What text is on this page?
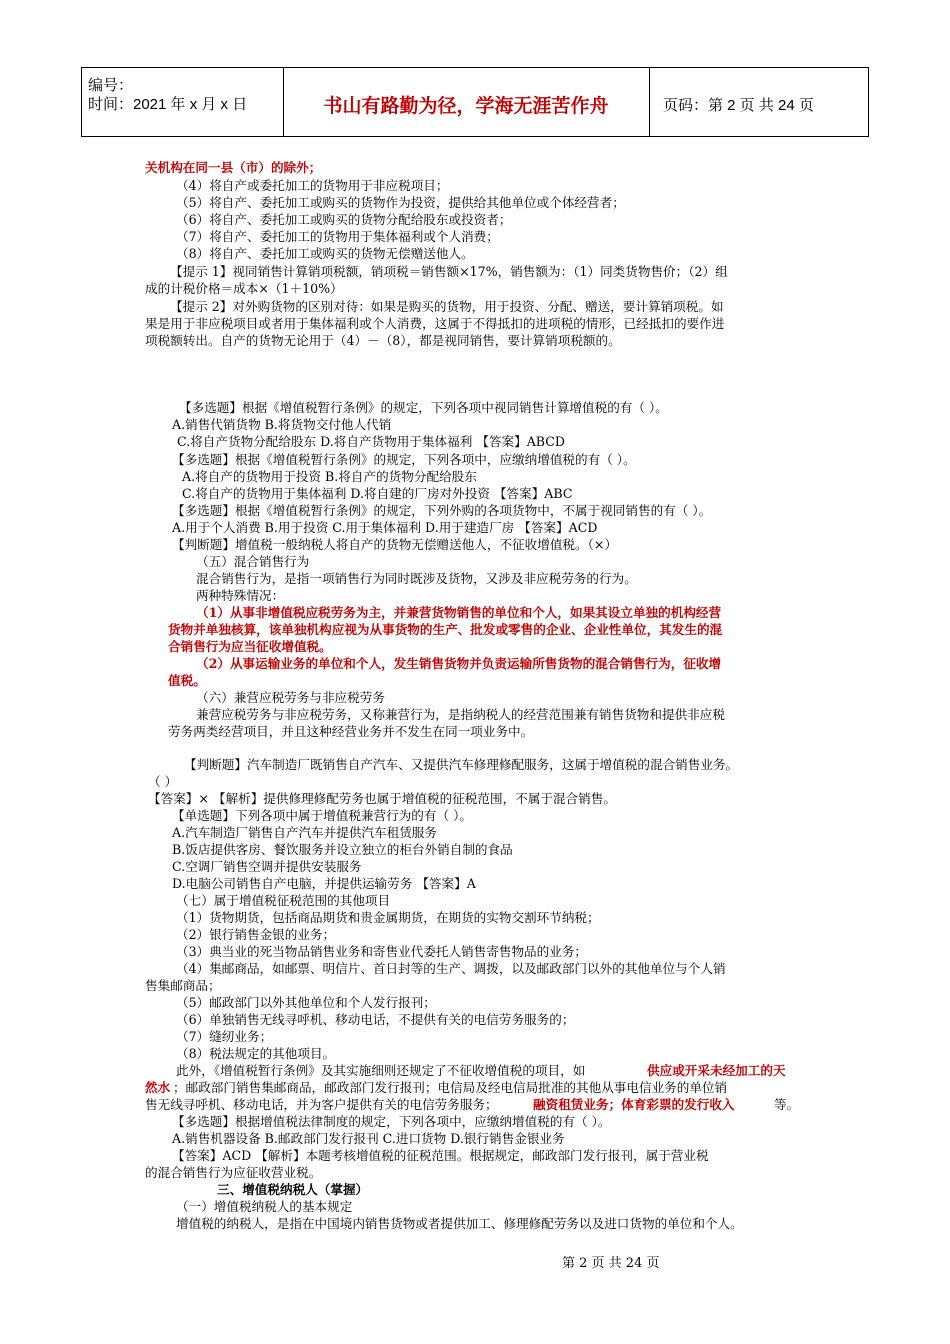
编号：
时间：2021 年 x 月 x 日	书山有路勤为径，学海无涯苦作舟	页码：第 2 页 共 24 页
关机构在同一县（市）的除外；
（4）将自产或委托加工的货物用于非应税项目；
（5）将自产、委托加工或购买的货物作为投资，提供给其他单位或个体经营者；
（6）将自产、委托加工或购买的货物分配给股东或投资者；
（7）将自产、委托加工的货物用于集体福利或个人消费；
（8）将自产、委托加工或购买的货物无偿赠送他人。
【提示 1】视同销售计算销项税额，销项税＝销售额×17%，销售额为：（1）同类货物售价；（2）组
成的计税价格＝成本×（1＋10%）
【提示 2】对外购货物的区别对待：如果是购买的货物，用于投资、分配、赠送，要计算销项税。如
果是用于非应税项目或者用于集体福利或个人消费，这属于不得抵扣的进项税的情形，已经抵扣的要作进
项税额转出。自产的货物无论用于（4）－（8），都是视同销售，要计算销项税额的。
【多选题】根据《增值税暂行条例》的规定，下列各项中视同销售计算增值税的有（ ）。
A.销售代销货物 B.将货物交付他人代销
C.将自产货物分配给股东 D.将自产货物用于集体福利 【答案】ABCD
【多选题】根据《增值税暂行条例》的规定，下列各项中，应缴纳增值税的有（ ）。
A.将自产的货物用于投资 B.将自产的货物分配给股东
C.将自产的货物用于集体福利 D.将自建的厂房对外投资 【答案】ABC
【多选题】根据《增值税暂行条例》的规定，下列外购的各项货物中，不属于视同销售的有（ ）。
A.用于个人消费 B.用于投资 C.用于集体福利 D.用于建造厂房 【答案】ACD
【判断题】增值税一般纳税人将自产的货物无偿赠送他人，不征收增值税。（×）
（五）混合销售行为
混合销售行为，是指一项销售行为同时既涉及货物，又涉及非应税劳务的行为。
两种特殊情况：
（1）从事非增值税应税劳务为主，并兼营货物销售的单位和个人，如果其设立单独的机构经营
货物并单独核算，该单独机构应视为从事货物的生产、批发或零售的企业、企业性单位，其发生的混
合销售行为应当征收增值税。
（2）从事运输业务的单位和个人，发生销售货物并负责运输所售货物的混合销售行为，征收增
值税。
（六）兼营应税劳务与非应税劳务
兼营应税劳务与非应税劳务，又称兼营行为，是指纳税人的经营范围兼有销售货物和提供非应税
劳务两类经营项目，并且这种经营业务并不发生在同一项业务中。
【判断题】汽车制造厂既销售自产汽车、又提供汽车修理修配服务，这属于增值税的混合销售业务。
（ ）
【答案】× 【解析】提供修理修配劳务也属于增值税的征税范围，不属于混合销售。
【单选题】下列各项中属于增值税兼营行为的有（ ）。
A.汽车制造厂销售自产汽车并提供汽车租赁服务
B.饭店提供客房、餐饮服务并设立独立的柜台外销自制的食品
C.空调厂销售空调并提供安装服务
D.电脑公司销售自产电脑，并提供运输劳务 【答案】A
（七）属于增值税征税范围的其他项目
（1）货物期货，包括商品期货和贵金属期货，在期货的实物交割环节纳税；
（2）银行销售金银的业务；
（3）典当业的死当物品销售业务和寄售业代委托人销售寄售物品的业务；
（4）集邮商品，如邮票、明信片、首日封等的生产、调拨，以及邮政部门以外的其他单位与个人销
售集邮商品；
（5）邮政部门以外其他单位和个人发行报刊；
（6）单独销售无线寻呼机、移动电话，不提供有关的电信劳务服务的；
（7）缝纫业务；
（8）税法规定的其他项目。
此外，《增值税暂行条例》及其实施细则还规定了不征收增值税的项目，如	供应或开采未经加工的天
然水 ；邮政部门销售集邮商品，邮政部门发行报刊；电信局及经电信局批准的其他从事电信业务的单位销
售无线寻呼机、移动电话，并为客户提供有关的电信劳务服务；	融资租赁业务；体育彩票的发行收入	等。
【多选题】根据增值税法律制度的规定，下列各项中，应缴纳增值税的有（ ）。
A.销售机器设备 B.邮政部门发行报刊 C.进口货物 D.银行销售金银业务
【答案】ACD 【解析】本题考核增值税的征税范围。根据规定，邮政部门发行报刊，属于营业税
的混合销售行为应征收营业税。
三、增值税纳税人（掌握）
（一）增值税纳税人的基本规定
增值税的纳税人，是指在中国境内销售货物或者提供加工、修理修配劳务以及进口货物的单位和个人。
第 2 页 共 24 页
